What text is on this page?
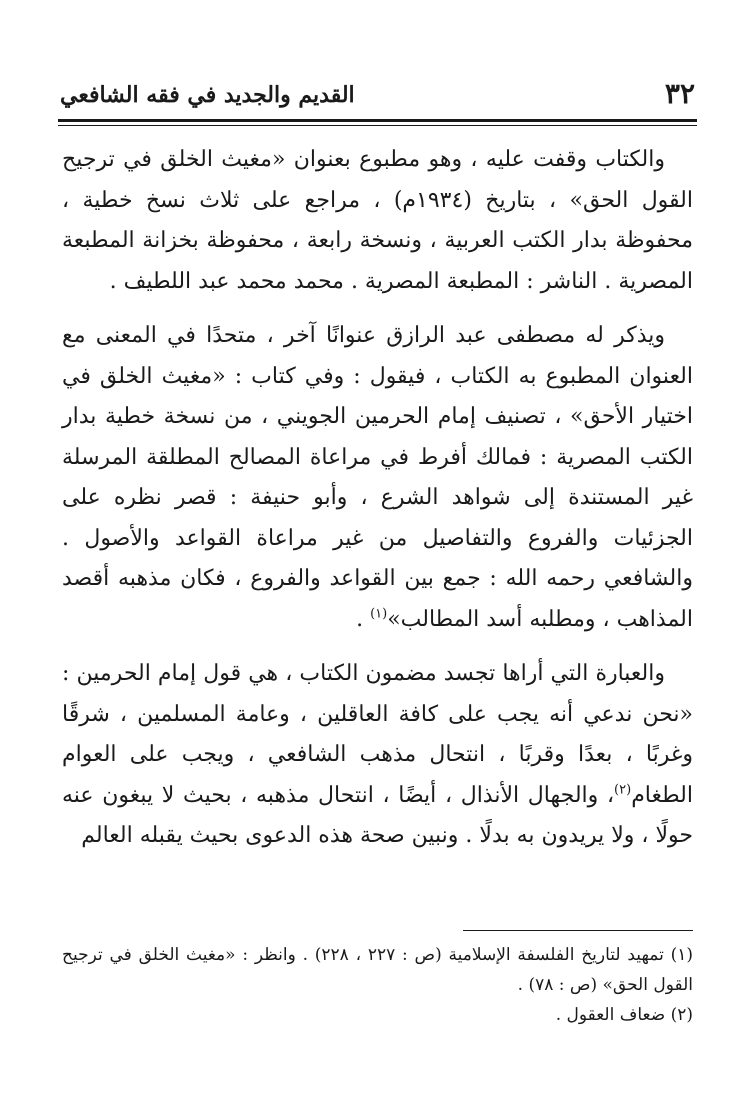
٣٢
القديم والجديد في فقه الشافعي

والكتاب وقفت عليه ، وهو مطبوع بعنوان «مغيث الخلق في ترجيح القول الحق» ، بتاريخ (١٩٣٤م) ، مراجع على ثلاث نسخ خطية ، محفوظة بدار الكتب العربية ، ونسخة رابعة ، محفوظة بخزانة المطبعة المصرية . الناشر : المطبعة المصرية . محمد محمد عبد اللطيف .

ويذكر له مصطفى عبد الرازق عنوانًا آخر ، متحدًا في المعنى مع العنوان المطبوع به الكتاب ، فيقول : وفي كتاب : «مغيث الخلق في اختيار الأحق» ، تصنيف إمام الحرمين الجويني ، من نسخة خطية بدار الكتب المصرية : فمالك أفرط في مراعاة المصالح المطلقة المرسلة غير المستندة إلى شواهد الشرع ، وأبو حنيفة : قصر نظره على الجزئيات والفروع والتفاصيل من غير مراعاة القواعد والأصول . والشافعي رحمه الله : جمع بين القواعد والفروع ، فكان مذهبه أقصد المذاهب ، ومطلبه أسد المطالب»$^{(١)}$ .

والعبارة التي أراها تجسد مضمون الكتاب ، هي قول إمام الحرمين : «نحن ندعي أنه يجب على كافة العاقلين ، وعامة المسلمين ، شرقًا وغربًا ، بعدًا وقربًا ، انتحال مذهب الشافعي ، ويجب على العوام الطغام$^{(٢)}$، والجهال الأنذال ، أيضًا ، انتحال مذهبه ، بحيث لا يبغون عنه حولًا ، ولا يريدون به بدلًا . ونبين صحة هذه الدعوى بحيث يقبله العالم

(١) تمهيد لتاريخ الفلسفة الإسلامية (ص : ٢٢٧ ، ٢٢٨) . وانظر : «مغيث الخلق في ترجيح القول الحق» (ص : ٧٨) .
(٢) ضعاف العقول .
